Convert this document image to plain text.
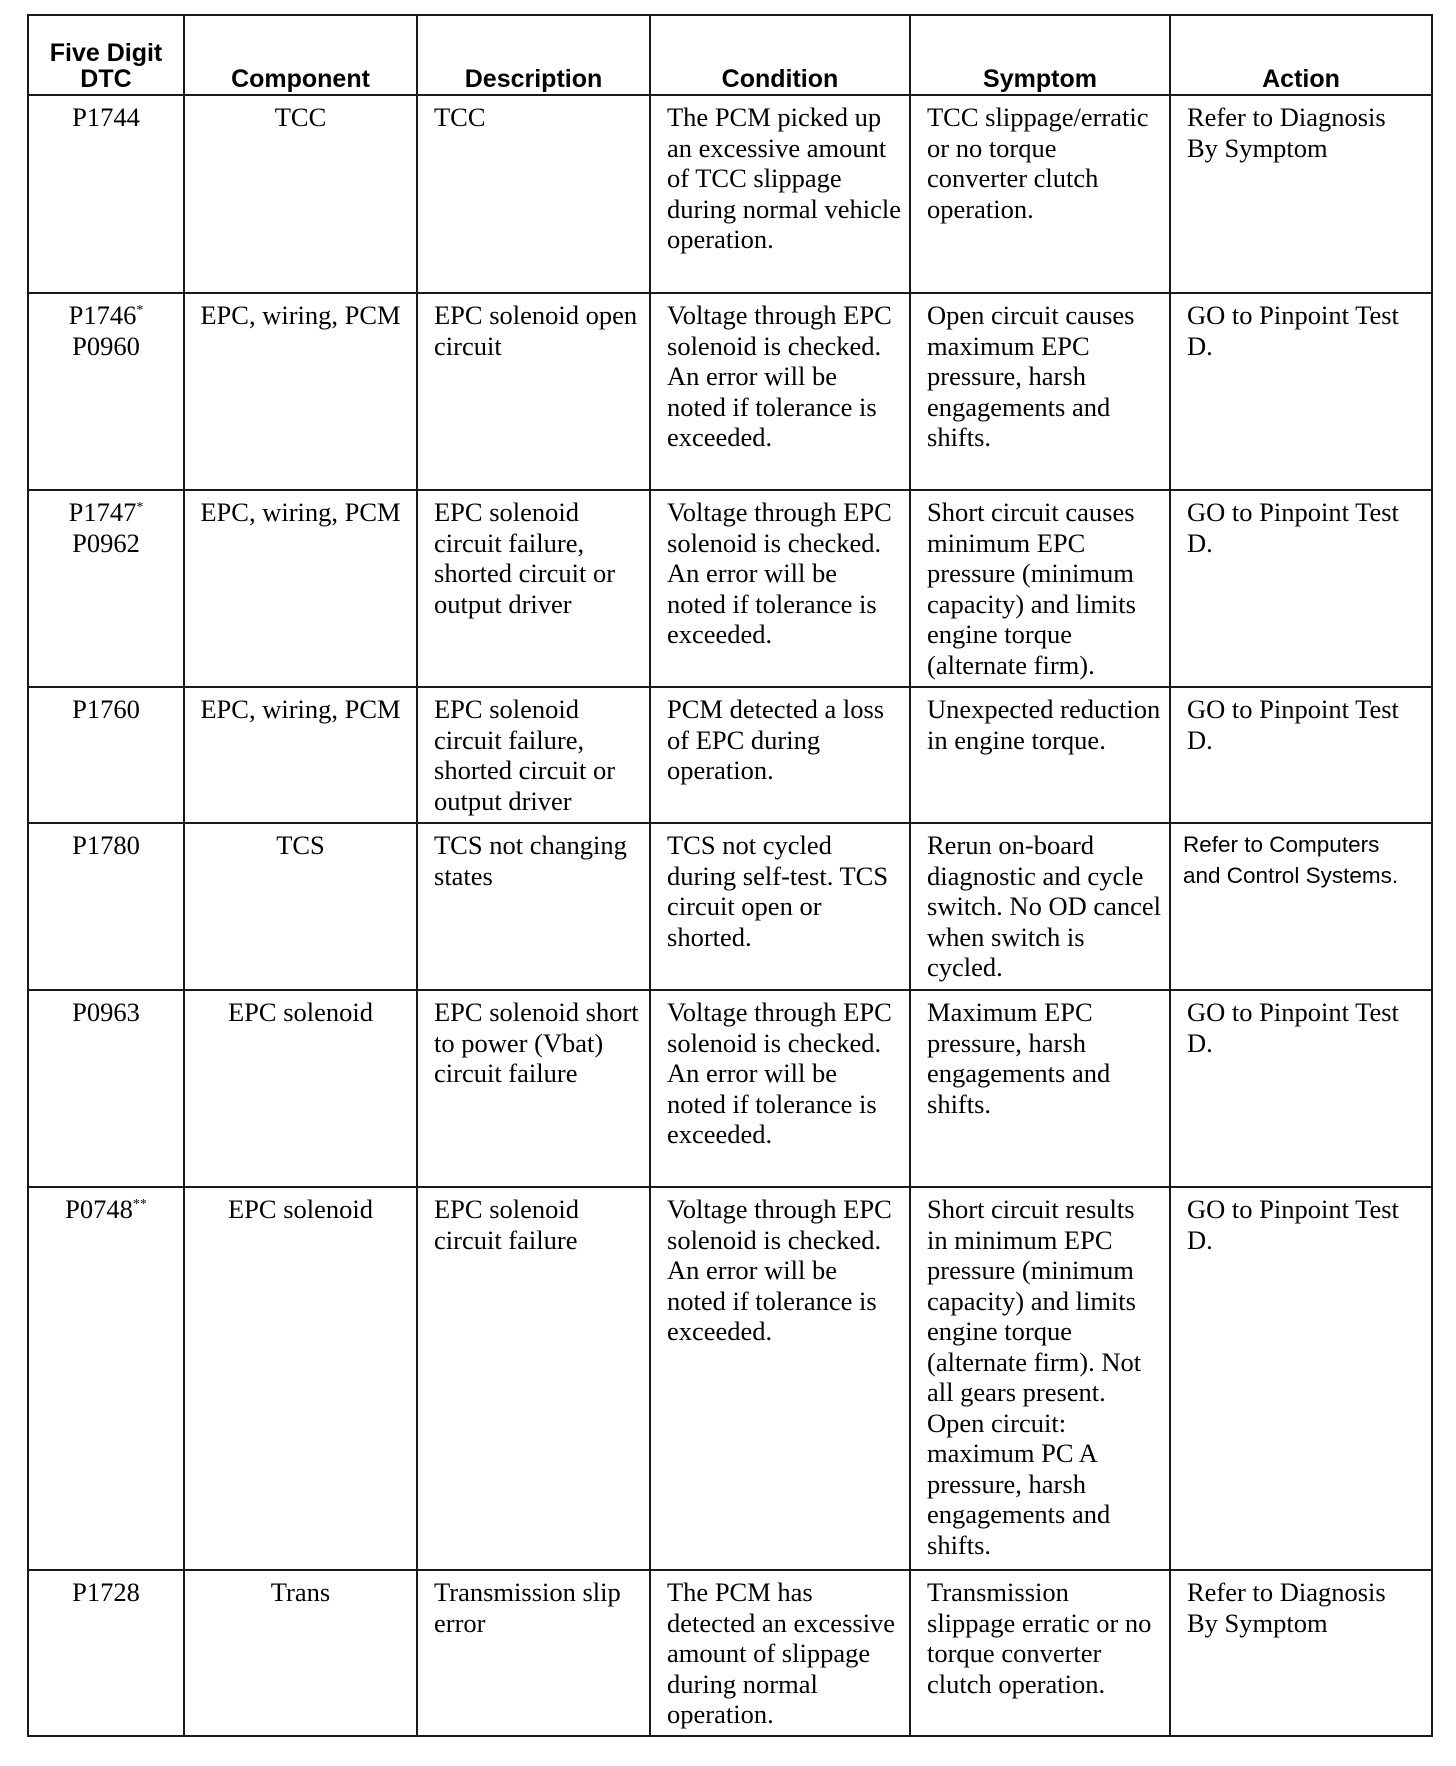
Five Digit
DTC	Component	Description	Condition	Symptom	Action
P1744	TCC	TCC	The PCM picked up an excessive amount of TCC slippage during normal vehicle operation.	TCC slippage/erratic or no torque converter clutch operation.	Refer to Diagnosis By Symptom

P1746*
P0960	EPC, wiring, PCM	EPC solenoid open circuit	Voltage through EPC solenoid is checked. An error will be noted if tolerance is exceeded.	Open circuit causes maximum EPC pressure, harsh engagements and shifts.	GO to Pinpoint Test D.

P1747*
P0962	EPC, wiring, PCM	EPC solenoid circuit failure, shorted circuit or output driver	Voltage through EPC solenoid is checked. An error will be noted if tolerance is exceeded.	Short circuit causes minimum EPC pressure (minimum capacity) and limits engine torque (alternate firm).	GO to Pinpoint Test D.
P1760	EPC, wiring, PCM	EPC solenoid circuit failure, shorted circuit or output driver	PCM detected a loss of EPC during operation.	Unexpected reduction in engine torque.	GO to Pinpoint Test D.
P1780	TCS	TCS not changing states	TCS not cycled during self-test. TCS circuit open or shorted.	Rerun on-board diagnostic and cycle switch. No OD cancel when switch is cycled.	Refer to Computers and Control Systems.
P0963	EPC solenoid	EPC solenoid short to power (Vbat) circuit failure	Voltage through EPC solenoid is checked. An error will be noted if tolerance is exceeded.	Maximum EPC pressure, harsh engagements and shifts.	GO to Pinpoint Test D.
P0748**	EPC solenoid	EPC solenoid circuit failure	Voltage through EPC solenoid is checked. An error will be noted if tolerance is exceeded.	Short circuit results in minimum EPC pressure (minimum capacity) and limits engine torque (alternate firm). Not all gears present. Open circuit: maximum PC A pressure, harsh engagements and shifts.	GO to Pinpoint Test D.
P1728	Trans	Transmission slip error	The PCM has detected an excessive amount of slippage during normal operation.	Transmission slippage erratic or no torque converter clutch operation.	Refer to Diagnosis By Symptom
